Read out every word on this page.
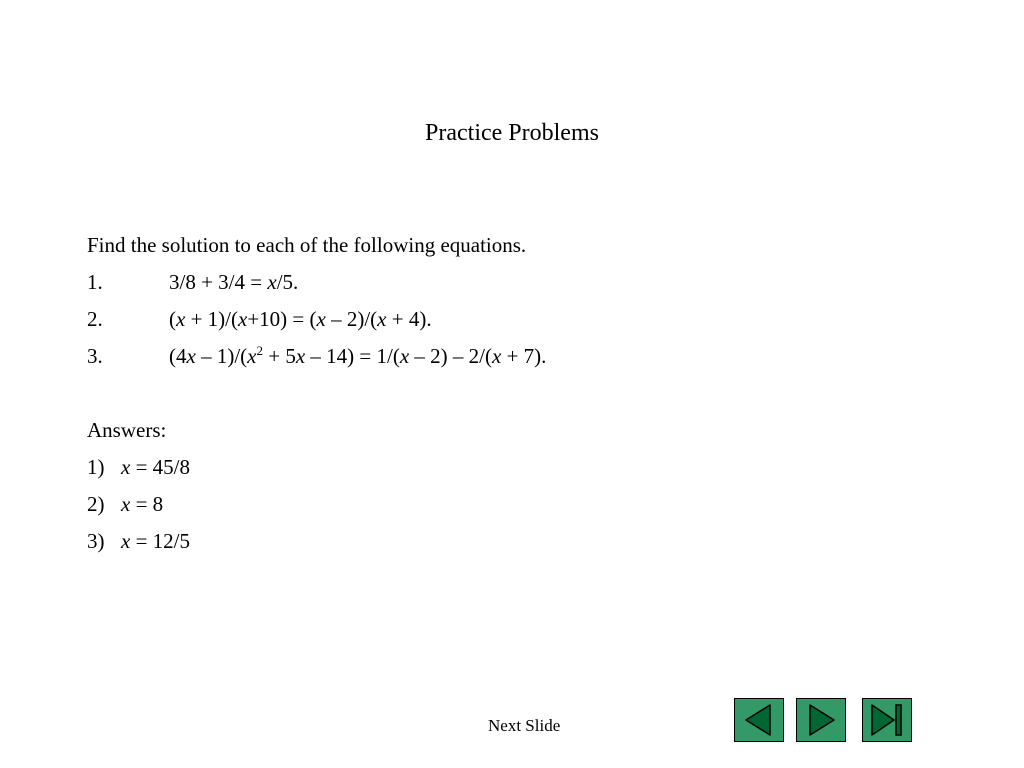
Practice Problems
Find the solution to each of the following equations.
1.	3/8 + 3/4 = x/5.
2.	(x + 1)/(x+10) = (x – 2)/(x + 4).
3.	$(4x - 1)/(x^2 + 5x - 14) = 1/(x - 2) - 2/(x + 7)$.
Answers:
1) x = 45/8
2) x = 8
3) x = 12/5
Next Slide
